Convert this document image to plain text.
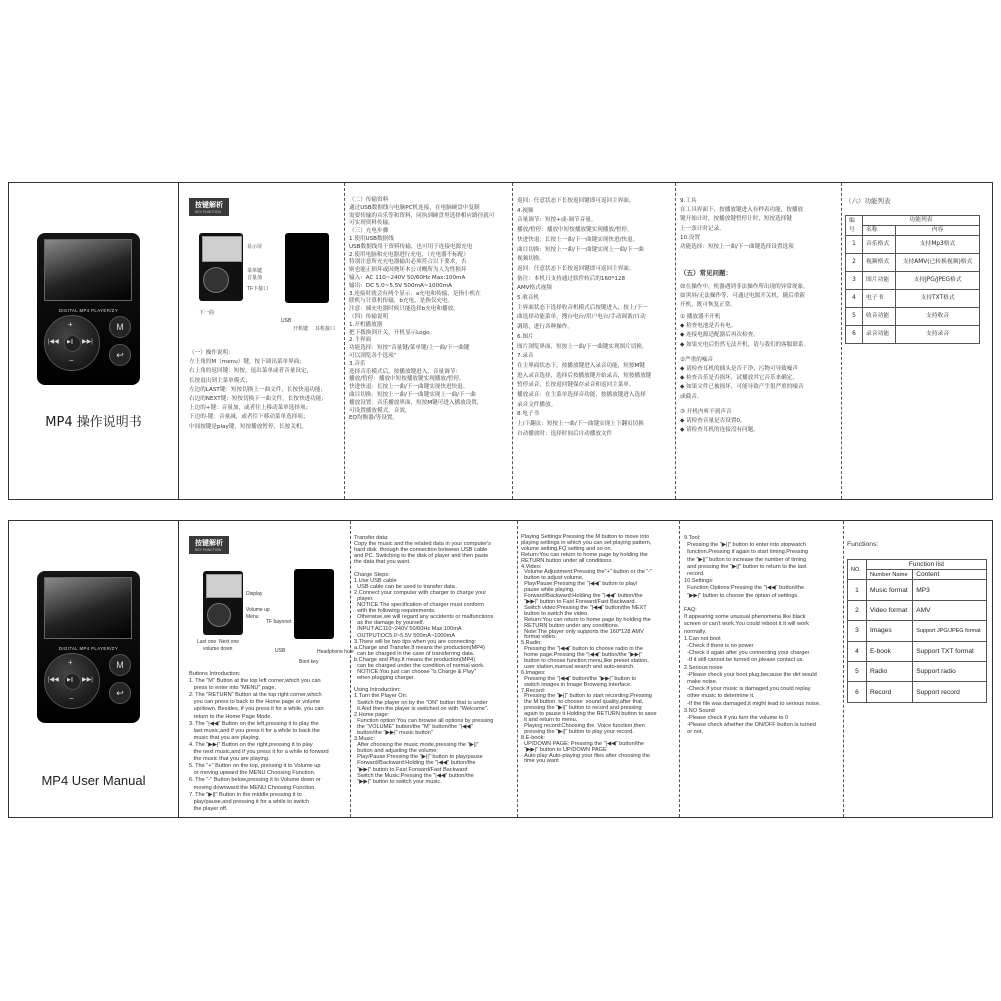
DIGITAL MP4 PLAYER/ZY
+
−
|◀◀	▶▶|
▶||
M
↩
MP4 操作说明书
按键解析
KEY FUNCTION
显示屏
菜单键
音量加
TF卡接口
下一曲
USB
开机键 耳机接口
（一）操作说明：
左上角的M（menu）键，按下调出菜单界面；
右上角的返回键：短按，退出菜单或者音量设定，
长按退出到主菜单模式；
左边的LAST键：短按切换上一曲文件，长按快退功能；
右边的NEXT键：短按切换下一曲文件，长按快进功能；
上边的+键：音量加，或者往上移动菜单选择项；
下边的-键：音量减，或者往下移动菜单选择项；
中间按键是play键，短按播放暂停，长按关机。
（二）传输资料
通过USB数据线与电脑PC机连接，在电脑硬盘中复制
需要传输的音乐等和资料，同执到硬盘里选择相应路径就可
可实现资料传输。
（三）充电步骤
1.使用USB数据线
USB数据线用于资料传输，也可用于连接电源充电
2.使用电脑和充电器进行充电，（充电器不标配）
特别注意所充充电器输出必须符合以下要求，否
则也能正损坏或因烧坏本公司概所为人为性损坏
输入：AC 110~240V 50/60Hz Max:100mA
输出：DC 5.0~5.5V 500mA~1000mA
3.连接时就会有两个显示：a充电和传输，是指小机在
联机与计算机传输，b充电，是指仅充电。
注意：插充电器时候只能选择b充电和播放。
（四）传输说明
1.开机播放器
把下拨换到开关，开机显示Logo。
2.主界面
功能选择：短按“音量键/菜单键/上一曲/下一曲键
可以浏览各个选项”
3.音乐
选择音乐模式后，按播放键进入，音量调节：
播放/暂停：播放中短按播放键实现播放/暂停。
快进快退：长按上一曲/下一曲键实现快进快退。
曲目切换：短按上一曲/下一曲键实现上一曲/下一曲
播放设置：音乐播放界面，短按M键可进入播放设置，
可设置播放模式，音效，
EQ均衡器/等设置。
返回：任意状态下长按返回键即可返回主界面。
4.视频
音量调节：短按+或-调节音量。
播放/暂停：播放中短按播放键实现播放/暂停。
快进快退：长按上一曲/下一曲键实现快进/快退。
曲目切换：短按上一曲/下一曲键实现上一曲/下一曲
视频切换。
返回：任意状态下长按返回键即可返回主界面。
备注：本机只支持通过软件转后的160*128
AMV格式视频
5.收音机
主界面状态下选择收音机模式后按键进入，按上/下一
曲选择功能菜单，搜台电台/用户电台/手动调谐/自动
调谐，进行各种操作。
6.图片
图片浏览界面，短按上一曲/下一曲键实现图片切换。
7.录音
在主界面状态下，按播放键进入录音功能，短按M键
进入录音选择，选择后按播放键开始录音，短按播放键
暂停录音，长按返回键保存录音和返回主菜单。
播放录音：在主菜单选择音功能，按播放键进入选择
录音文件播放。
8.电子书
上/下翻页：短按上一曲/下一曲键实现上下翻页切换
自动播放时：选择时间后自动播放文件
9.工具
在工具界面下，按播放键进入有秒表功能，按播放
键开始计时，按播放键暂停计时，短按选择键
上一条计时记录。
10.设置
功能选择：短按上一曲/下一曲键选择设置选项
（五）常见问题：
如在操作中，机器遇到非法操作所出现的异常现象，
如黑屏/无法操作等，可通过电源开关机，随后重新
开机，既可恢复正常。
① 播放器不开机
◆ 检查电池是否有电。
◆ 连接电源适配器后再次检查。
◆ 如果充电后仍然无法开机，请与我们的客服联系。
②严重的噪音
◆ 请检查耳机的插头是否干净，污物可导致噪声
◆ 检查音乐是否损坏，试播放其它音乐来确定。
◆ 如果文件已被损坏，可能导致产生很严重的噪音
或截音。
③ 开机内听不到声音
◆ 请检查音量是否设置0。
◆ 请检查耳机的连接没有问题。
（六）功能列表
编号	功能列表	
	名称	内容
1	音乐格式	支持Mp3格式
2	视频格式	支持AMV(已转换视频)格式
3	图片功能	支持JPG/JPEG格式
4	电子书	支持TXT格式
5	收音功能	支持收音
6	录音功能	支持录音
DIGITAL MP4 PLAYER/ZY
+
−
|◀◀	▶▶|
▶||
M
↩
MP4 User Manual
按键解析
KEY FUNCTION
Display
Volume up
Menu
TF bayonet
Last one Next one
volume down	USB	Headphone hole
Boot key
Buttons Introduction:
1. The "M" Button at the top left corner,which you can
press to enter into "MENU" page.
2. The "RETURN" Button at the top right corner,which
you can press to back to the Home page or volume
up/down. Besides, if you press it for a while, you can
return to the Home Page Mode.
3. The "|◀◀" Button on the left,pressing it to play the
last music,and if you press it for a while to back the
music that you are playing.
4. The "▶▶|" Button on the right,pressing it to play
the next music,and if you press it for a while to forward
the music that you are playing.
5. The "+" Button on the top, pressing it to Volume up
or moving upward the MENU Choosing Function.
6. The "-" Button below,pressing it to Volume down or
moving downward the MENU Choosing Function.
7. The "▶||" Button in the middle pressing it to
play/pause,and pressing it for a while to switch
the player off.
Transfer data:
Copy the music and the related data in your computer's
hard disk  through the connection between USB cable
and PC. Switching to the disk of player and then paste
the data that you want.

Charge Steps:
1.Use USB cable
USB cable can be used to transfer data .
2.Connect your computer with charger to charge your
player.
NOTICE:The specification of charger must conform
with the following requirements.
Otherwise,we will regard any accidents or malfunctions
as the damage by yourself.
INPUT:AC110~240V 50/60Hz Max:100mA
OUTPUT:DC5.0~5.5V 500mA~1000mA
3.There will be two tips when you are connecting:
a.Charge and Transfer.It means the production(MP4)
can be charged in the case of transferring data.
b.Charge and Play.It means the production(MP4)
can be charged under the condition of normal work.
NOTICE:You just can choose "b.Charge & Play"
when plugging charger.

Using Introduction:
1.Turn the Player On:
Switch the player on by the "ON" button that is under
it.And then the player is switched on with "Welcome".
2.Home page:
Function option:You can browse all options by pressing
the "VOLUME" button/the "M" button/the "|◀◀"
button/the "▶▶|" music button"
3.Music:
After choosing the music mode,pressing the "▶||"
button and adjusting the volume;
Play/Pause:Pressing the "▶||" button to play/pause
Forward/Backward:Holding the "|◀◀" button/the
"▶▶|" button to Fast Forward/Fast Backward
Switch the Music:Pressing the "|◀◀" button/the
"▶▶|" button to switch your music.
Playing Settings:Pressing the M button to move into
playing settings in which you can set playing pattern,
volume setting,FQ setting and so on.
Return:You can return to home page by holding the
RETURN button under all conditions.
4.Video:
Volume Adjustment:Pressing the"+" button or the "-"
button to adjust volume.
Play/Pause:Pressing the "|◀◀" button to play/
pause while playing.
Forward/Backward:Holding the "|◀◀" button/the
"▶▶|" button to Fast Forward/Fast Backward.
Switch video:Pressing the "|◀◀" button/the NEXT
button to switch the video.
Return:You can return to home page by holding the
RETURN button under any conditions.
Note:The player only supports the 160*128 AMV
format video.
5.Radio:
Pressing the "|◀◀" button to choose radio in the
home page.Pressing the "|◀◀" button/the "▶▶|"
button to choose function menu,like preset station,
user station,manual search and auto-search.
6.Images:
Pressing the "|◀◀" button/the "▶▶|" button to
switch images in Image Browsing Interface.
7.Record:
Pressing the "▶||" button to start recording.Pressing
the M button  to choose  sound quality,after that,
pressing the "▶||" button to record and pressing
again to pause it.Holding the RETURN button to save
it and return to menu.
Playing record:Choosing the  Voice function,then
pressing the "▶||" button to play your record.
8.E-book:
UP/DOWN PAGE: Pressing the "|◀◀" button/the
"▶▶|" button to UP/DOWN PAGE
Auto play:Auto-playing your files after choosing the
time you want
9.Tool:
Pressing the "▶||" button to enter into stopwatch
function.Pressing it again to start timing.Pressing
the "▶||" button to increase the number of timing
and pressing the "▶||" button to return to the last
record.
10.Settings:
Function Options:Pressing the "|◀◀" button/the
"▶▶|" button to choose the option of settings.

FAQ:
If appearing some unusual phenomena like black
screen or can't work.You could reboot it.It will work
normally.
1.Can not boot
-Check if there is no power
-Check it again after you connecting your charger
-If it still cannot be turned on,please contact us.
2.Serious noise
-Please check your boot plug,because the dirt would
make noise.
-Check if your music is damaged,you could replay
other music to determine it.
-If the file was damaged,it might lead to serious noise.
3.NO Sound
-Please check if you turn the volume to 0
-Please check whether the ON/OFF button is turned
or not.
Functions:
NO.	Function list	
	Number Name	Content
1	Music format	MP3
2	Video format	AMV
3	Images	Support JPG/JPEG format
4	E-book	Support TXT format
5	Radio	Support radio
6	Record	Support record
